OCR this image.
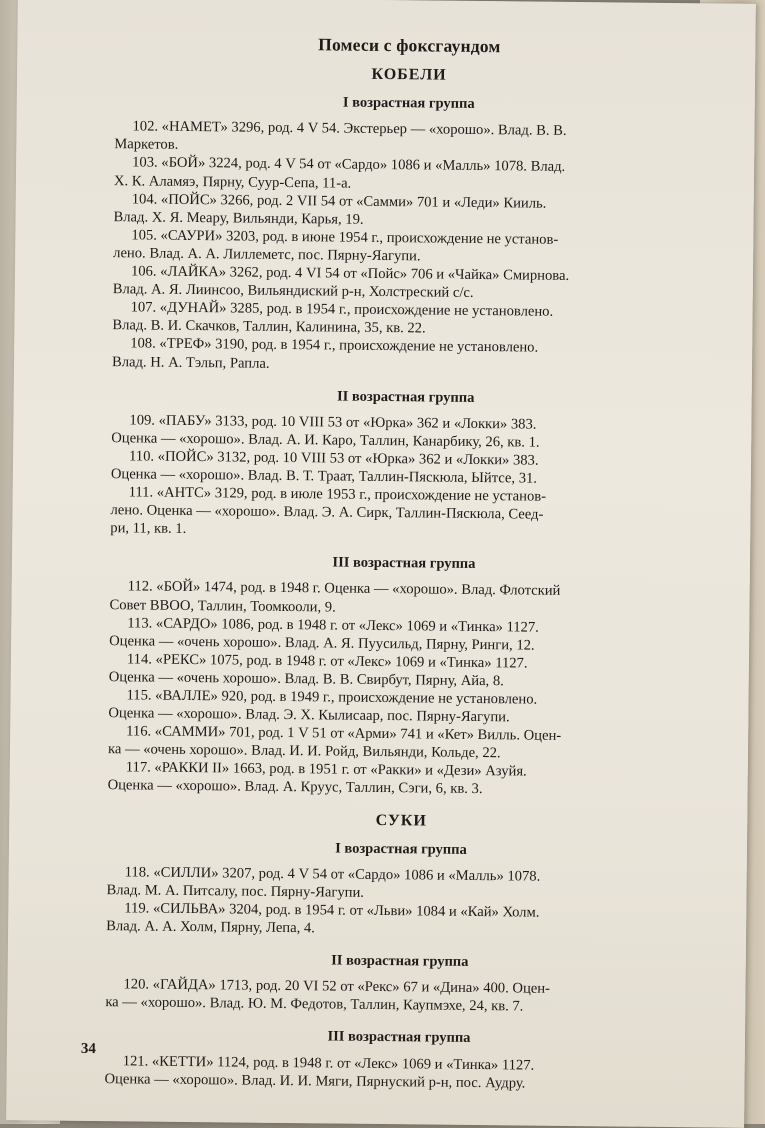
Помеси с фоксгаундом
КОБЕЛИ
I возрастная группа

102. «НАМЕТ» 3296, род. 4 V 54. Экстерьер — «хорошо». Влад. В. В.

Маркетов.

103. «БОЙ» 3224, род. 4 V 54 от «Сардо» 1086 и «Малль» 1078. Влад.

Х. К. Аламяэ, Пярну, Суур-Сепа, 11-а.

104. «ПОЙС» 3266, род. 2 VII 54 от «Самми» 701 и «Леди» Кииль.

Влад. Х. Я. Меару, Вильянди, Карья, 19.

105. «САУРИ» 3203, род. в июне 1954 г., происхождение не установ-

лено. Влад. А. А. Лиллеметс, пос. Пярну-Яагупи.

106. «ЛАЙКА» 3262, род. 4 VI 54 от «Пойс» 706 и «Чайка» Смирнова.

Влад. А. Я. Лиинсоо, Вильяндиский р-н, Холстреский с/с.

107. «ДУНАЙ» 3285, род. в 1954 г., происхождение не установлено.

Влад. В. И. Скачков, Таллин, Калинина, 35, кв. 22.

108. «ТРЕФ» 3190, род. в 1954 г., происхождение не установлено.

Влад. Н. А. Тэльп, Рапла.

II возрастная группа

109. «ПАБУ» 3133, род. 10 VIII 53 от «Юрка» 362 и «Локки» 383.

Оценка — «хорошо». Влад. А. И. Каро, Таллин, Канарбику, 26, кв. 1.

110. «ПОЙС» 3132, род. 10 VIII 53 от «Юрка» 362 и «Локки» 383.

Оценка — «хорошо». Влад. В. Т. Траат, Таллин-Пяскюла, Ыйтсе, 31.

111. «АНТС» 3129, род. в июле 1953 г., происхождение не установ-

лено. Оценка — «хорошо». Влад. Э. А. Сирк, Таллин-Пяскюла, Сеед-

ри, 11, кв. 1.

III возрастная группа

112. «БОЙ» 1474, род. в 1948 г. Оценка — «хорошо». Влад. Флотский

Совет ВВОО, Таллин, Тоомкооли, 9.

113. «САРДО» 1086, род. в 1948 г. от «Лекс» 1069 и «Тинка» 1127.

Оценка — «очень хорошо». Влад. А. Я. Пуусильд, Пярну, Ринги, 12.

114. «РЕКС» 1075, род. в 1948 г. от «Лекс» 1069 и «Тинка» 1127.

Оценка — «очень хорошо». Влад. В. В. Свирбут, Пярну, Айа, 8.

115. «ВАЛЛЕ» 920, род. в 1949 г., происхождение не установлено.

Оценка — «хорошо». Влад. Э. Х. Кылисаар, пос. Пярну-Яагупи.

116. «САММИ» 701, род. 1 V 51 от «Арми» 741 и «Кет» Вилль. Оцен-

ка — «очень хорошо». Влад. И. И. Ройд, Вильянди, Кольде, 22.

117. «РАККИ II» 1663, род. в 1951 г. от «Ракки» и «Дези» Азуйя.

Оценка — «хорошо». Влад. А. Круус, Таллин, Сэги, 6, кв. 3.

СУКИ
I возрастная группа

118. «СИЛЛИ» 3207, род. 4 V 54 от «Сардо» 1086 и «Малль» 1078.

Влад. М. А. Питсалу, пос. Пярну-Яагупи.

119. «СИЛЬВА» 3204, род. в 1954 г. от «Льви» 1084 и «Кай» Холм.

Влад. А. А. Холм, Пярну, Лепа, 4.

II возрастная группа

120. «ГАЙДА» 1713, род. 20 VI 52 от «Рекс» 67 и «Дина» 400. Оцен-

ка — «хорошо». Влад. Ю. М. Федотов, Таллин, Каупмэхе, 24, кв. 7.

III возрастная группа

121. «КЕТТИ» 1124, род. в 1948 г. от «Лекс» 1069 и «Тинка» 1127.

Оценка — «хорошо». Влад. И. И. Мяги, Пярнуский р-н, пос. Аудру.

34
